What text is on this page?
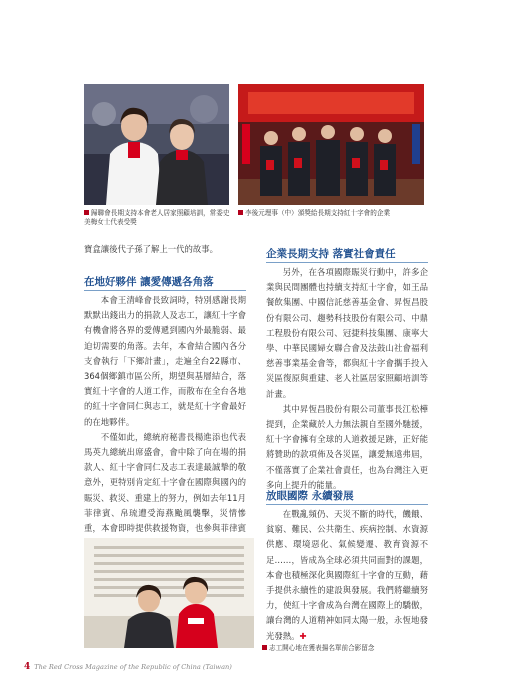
歸聯會長期支持本會老人居家照顧培訓，常委史美梅女士代表受獎
李後元理事（中）頒獎給長期支持紅十字會的企業

寶盒讓後代子孫了解上一代的故事。

在地好夥伴 讓愛傳遞各角落

本會王清峰會長致詞時，特別感謝長期默默出錢出力的捐款人及志工，讓紅十字會有機會將各界的愛傳遞到國內外最脆弱、最迫切需要的角落。去年，本會結合國內各分支會執行「下鄉計畫」，走遍全台22縣市、364個鄉鎮市區公所，期望與基層結合，落實紅十字會的人道工作，而散布在全台各地的紅十字會同仁與志工，就是紅十字會最好的在地夥伴。

不僅如此，總統府秘書長楊進添也代表馬英九總統出席盛會，會中除了向在場的捐款人、紅十字會同仁及志工表達最誠摯的敬意外，更特別肯定紅十字會在國際與國內的賑災、救災、重建上的努力，例如去年11月菲律賓、帛琉遭受海燕颱風襲擊，災情慘重，本會即時提供救援物資，也參與菲律賓

企業長期支持 落實社會責任

另外，在各項國際賑災行動中，許多企業與民間團體也持續支持紅十字會，如王品餐飲集團、中國信託慈善基金會、昇恆昌股份有限公司、趨勢科技股份有限公司、中鼎工程股份有限公司、冠捷科技集團、康寧大學、中華民國婦女聯合會及法鼓山社會福利慈善事業基金會等，都與紅十字會攜手投入災區復原與重建、老人社區居家照顧培訓等計畫。

其中昇恆昌股份有限公司董事長江松樺提到，企業藏於人力無法親自至國外馳援，紅十字會擁有全球的人道救援足跡，正好能將贊助的款項佈及各災區，讓愛無遠弗屆，不僅落實了企業社會責任，也為台灣注入更多向上提升的能量。

放眼國際 永續發展

在戰亂頻仍、天災不斷的時代，饑餓、貧窮、難民、公共衛生、疾病控制、水資源供應、環境惡化、氣候變遷、教育資源不足……，皆成為全球必須共同面對的課題，本會也積極深化與國際紅十字會的互動，藉手提供永續性的建設與發展。我們將繼續努力，使紅十字會成為台灣在國際上的驕傲，讓台灣的人道精神如同太陽一般，永恆地發光發熱。✚

志工開心地在獲表揚名單前合影留念
4 The Red Cross Magazine of the Republic of China (Taiwan)
